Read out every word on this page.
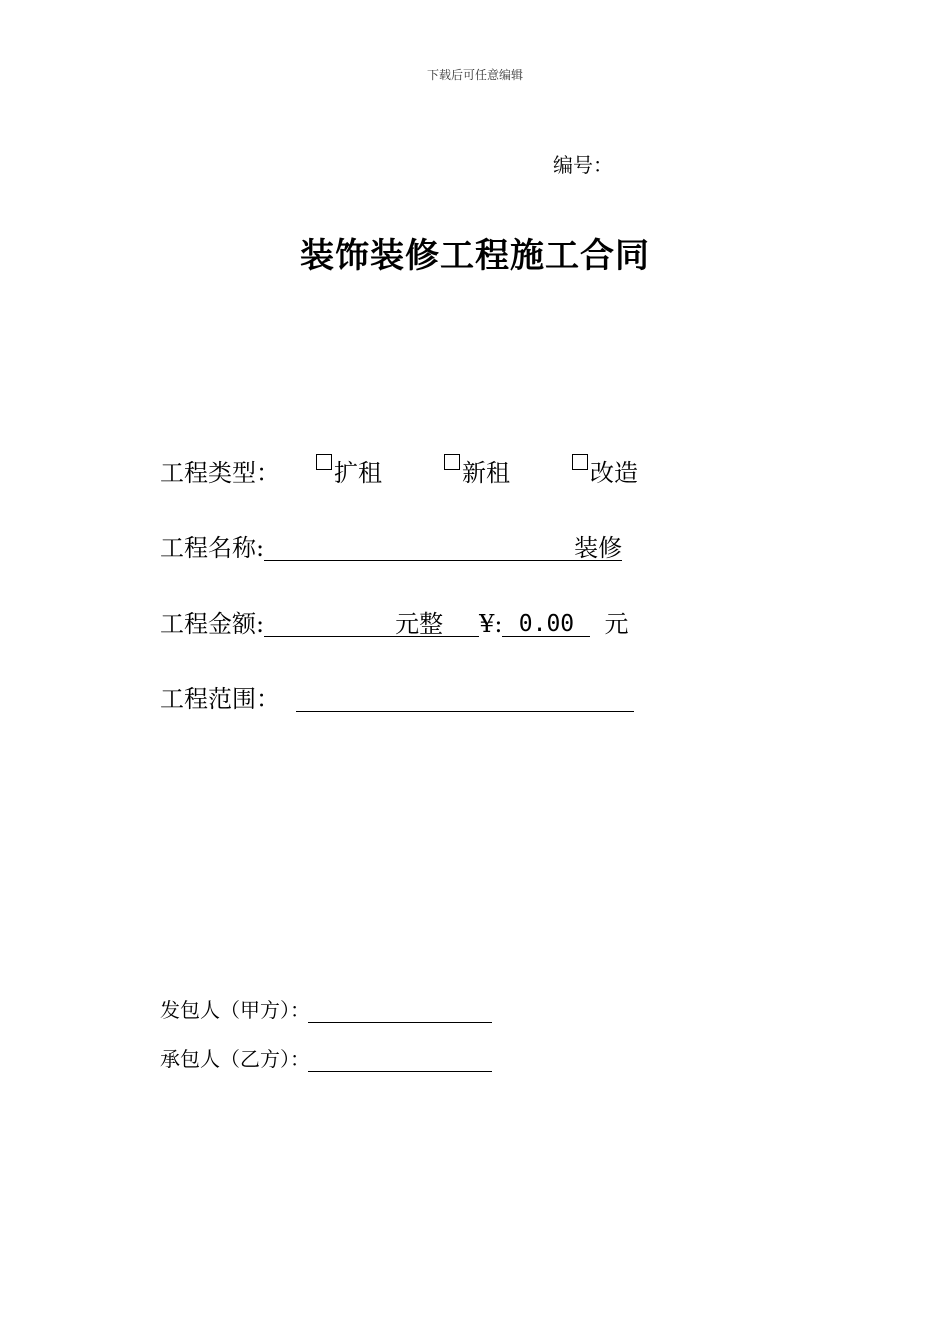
下载后可任意编辑
编号：
装饰装修工程施工合同
工程类型：	扩租	新租	改造
工程名称:	装修
工程金额:	元整 ¥: 0.00 元
工程范围：
发包人（甲方）：
承包人（乙方）：
